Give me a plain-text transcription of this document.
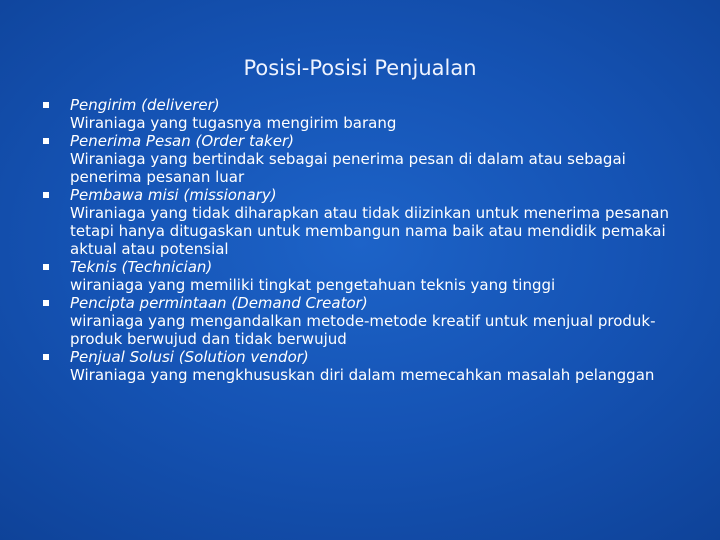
Posisi-Posisi Penjualan
Pengirim (deliverer)
Wiraniaga yang tugasnya mengirim barang
Penerima Pesan (Order taker)
Wiraniaga yang bertindak sebagai penerima pesan di dalam atau sebagai penerima pesanan luar
Pembawa misi (missionary)
Wiraniaga yang tidak diharapkan atau tidak diizinkan untuk menerima pesanan tetapi hanya ditugaskan untuk membangun nama baik atau mendidik pemakai aktual atau potensial
Teknis (Technician)
wiraniaga yang memiliki tingkat pengetahuan teknis yang tinggi
Pencipta permintaan (Demand Creator)
wiraniaga yang mengandalkan metode-metode kreatif untuk menjual produk-produk berwujud dan tidak berwujud
Penjual Solusi (Solution vendor)
Wiraniaga yang mengkhususkan diri dalam memecahkan masalah pelanggan
